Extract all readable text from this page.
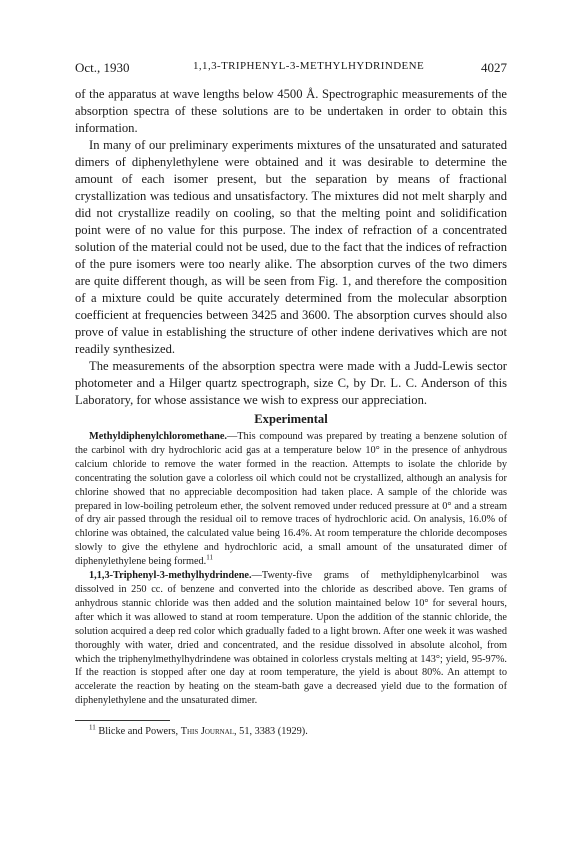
Oct., 1930	1,1,3-TRIPHENYL-3-METHYLHYDRINDENE	4027

of the apparatus at wave lengths below 4500 Å. Spectrographic measurements of the absorption spectra of these solutions are to be undertaken in order to obtain this information.

In many of our preliminary experiments mixtures of the unsaturated and saturated dimers of diphenylethylene were obtained and it was desirable to determine the amount of each isomer present, but the separation by means of fractional crystallization was tedious and unsatisfactory. The mixtures did not melt sharply and did not crystallize readily on cooling, so that the melting point and solidification point were of no value for this purpose. The index of refraction of a concentrated solution of the material could not be used, due to the fact that the indices of refraction of the pure isomers were too nearly alike. The absorption curves of the two dimers are quite different though, as will be seen from Fig. 1, and therefore the composition of a mixture could be quite accurately determined from the molecular absorption coefficient at frequencies between 3425 and 3600. The absorption curves should also prove of value in establishing the structure of other indene derivatives which are not readily synthesized.

The measurements of the absorption spectra were made with a Judd-Lewis sector photometer and a Hilger quartz spectrograph, size C, by Dr. L. C. Anderson of this Laboratory, for whose assistance we wish to express our appreciation.

Experimental

Methyldiphenylchloromethane.—This compound was prepared by treating a benzene solution of the carbinol with dry hydrochloric acid gas at a temperature below 10° in the presence of anhydrous calcium chloride to remove the water formed in the reaction. Attempts to isolate the chloride by concentrating the solution gave a colorless oil which could not be crystallized, although an analysis for chlorine showed that no appreciable decomposition had taken place. A sample of the chloride was prepared in low-boiling petroleum ether, the solvent removed under reduced pressure at 0° and a stream of dry air passed through the residual oil to remove traces of hydrochloric acid. On analysis, 16.0% of chlorine was obtained, the calculated value being 16.4%. At room temperature the chloride decomposes slowly to give the ethylene and hydrochloric acid, a small amount of the unsaturated dimer of diphenylethylene being formed.$^{11}$

1,1,3-Triphenyl-3-methylhydrindene.—Twenty-five grams of methyldiphenylcarbinol was dissolved in 250 cc. of benzene and converted into the chloride as described above. Ten grams of anhydrous stannic chloride was then added and the solution maintained below 10° for several hours, after which it was allowed to stand at room temperature. Upon the addition of the stannic chloride, the solution acquired a deep red color which gradually faded to a light brown. After one week it was washed thoroughly with water, dried and concentrated, and the residue dissolved in absolute alcohol, from which the triphenylmethylhydrindene was obtained in colorless crystals melting at 143°; yield, 95-97%. If the reaction is stopped after one day at room temperature, the yield is about 80%. An attempt to accelerate the reaction by heating on the steam-bath gave a decreased yield due to the formation of diphenylethylene and the unsaturated dimer.

$^{11}$ Blicke and Powers, This Journal, 51, 3383 (1929).
